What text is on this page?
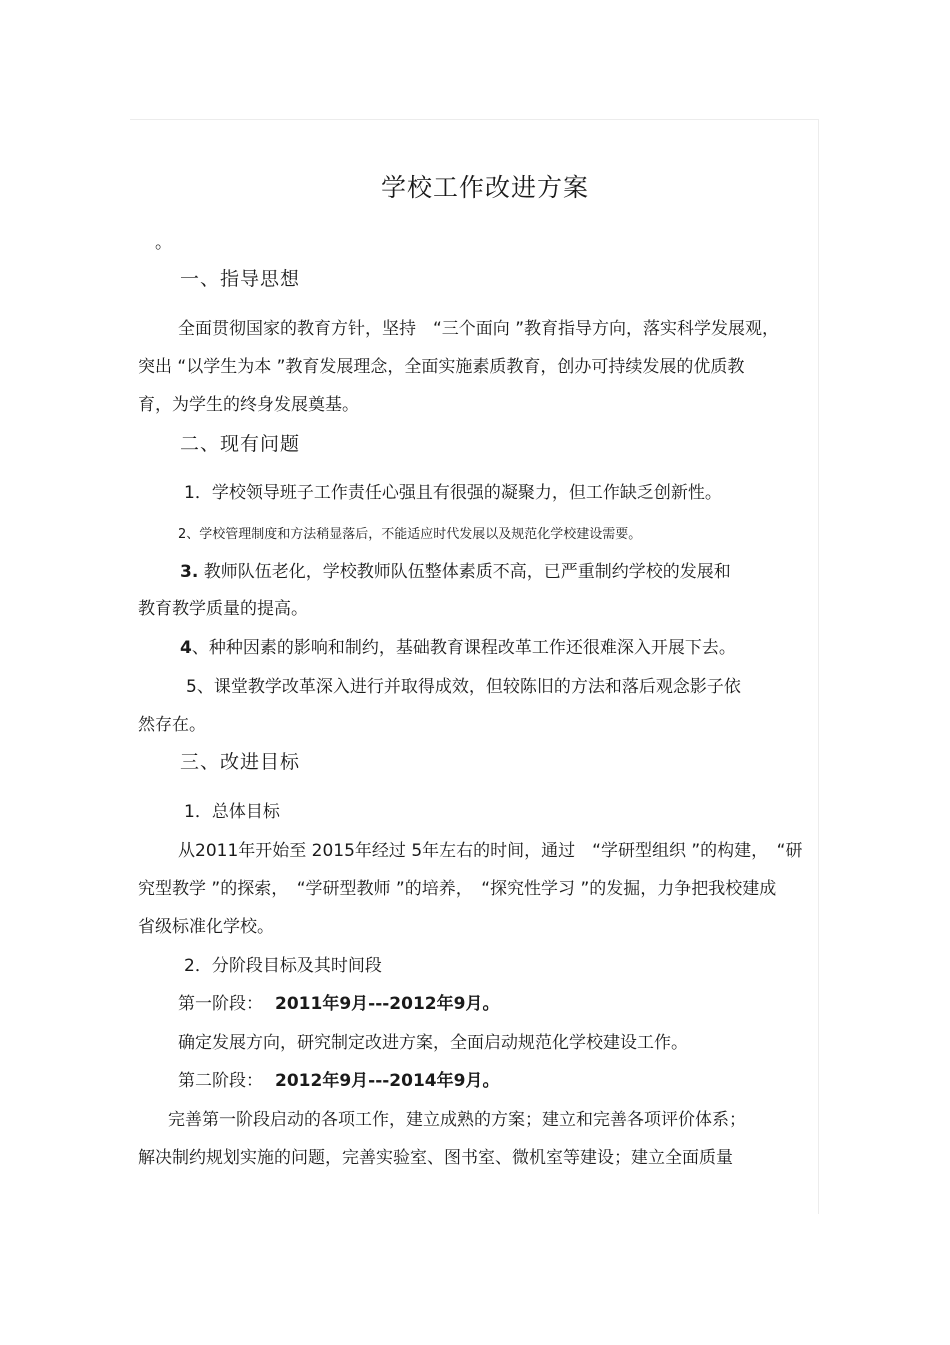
学校工作改进方案
。
一、指导思想
全面贯彻国家的教育方针，坚持　“三个面向 ”教育指导方向，落实科学发展观，
突出 “以学生为本 ”教育发展理念，全面实施素质教育，创办可持续发展的优质教
育，为学生的终身发展奠基。
二、现有问题
1．学校领导班子工作责任心强且有很强的凝聚力，但工作缺乏创新性。
2、学校管理制度和方法稍显落后，不能适应时代发展以及规范化学校建设需要。
3. 教师队伍老化，学校教师队伍整体素质不高，已严重制约学校的发展和
教育教学质量的提高。
4、种种因素的影响和制约，基础教育课程改革工作还很难深入开展下去。
5、课堂教学改革深入进行并取得成效，但较陈旧的方法和落后观念影子依
然存在。
三、改进目标
1．总体目标
从2011年开始至 2015年经过 5年左右的时间，通过　“学研型组织 ”的构建，　“研
究型教学 ”的探索，　“学研型教师 ”的培养，　“探究性学习 ”的发掘，力争把我校建成
省级标准化学校。
2．分阶段目标及其时间段
第一阶段： 2011年9月---2012年9月。
确定发展方向，研究制定改进方案，全面启动规范化学校建设工作。
第二阶段： 2012年9月---2014年9月。
完善第一阶段启动的各项工作，建立成熟的方案；建立和完善各项评价体系；
解决制约规划实施的问题，完善实验室、图书室、微机室等建设；建立全面质量
